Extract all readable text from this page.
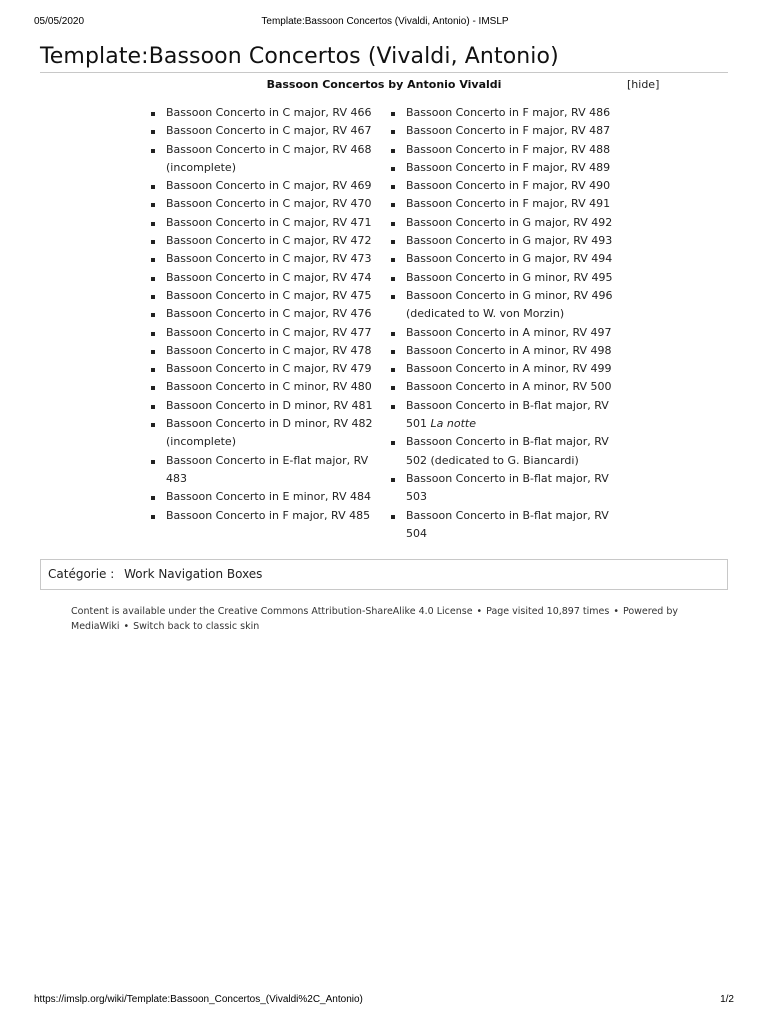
05/05/2020	Template:Bassoon Concertos (Vivaldi, Antonio) - IMSLP
Template:Bassoon Concertos (Vivaldi, Antonio)
Bassoon Concertos by Antonio Vivaldi	[hide]
Bassoon Concerto in C major, RV 466
Bassoon Concerto in C major, RV 467
Bassoon Concerto in C major, RV 468 (incomplete)
Bassoon Concerto in C major, RV 469
Bassoon Concerto in C major, RV 470
Bassoon Concerto in C major, RV 471
Bassoon Concerto in C major, RV 472
Bassoon Concerto in C major, RV 473
Bassoon Concerto in C major, RV 474
Bassoon Concerto in C major, RV 475
Bassoon Concerto in C major, RV 476
Bassoon Concerto in C major, RV 477
Bassoon Concerto in C major, RV 478
Bassoon Concerto in C major, RV 479
Bassoon Concerto in C minor, RV 480
Bassoon Concerto in D minor, RV 481
Bassoon Concerto in D minor, RV 482 (incomplete)
Bassoon Concerto in E-flat major, RV 483
Bassoon Concerto in E minor, RV 484
Bassoon Concerto in F major, RV 485
Bassoon Concerto in F major, RV 486
Bassoon Concerto in F major, RV 487
Bassoon Concerto in F major, RV 488
Bassoon Concerto in F major, RV 489
Bassoon Concerto in F major, RV 490
Bassoon Concerto in F major, RV 491
Bassoon Concerto in G major, RV 492
Bassoon Concerto in G major, RV 493
Bassoon Concerto in G major, RV 494
Bassoon Concerto in G minor, RV 495
Bassoon Concerto in G minor, RV 496 (dedicated to W. von Morzin)
Bassoon Concerto in A minor, RV 497
Bassoon Concerto in A minor, RV 498
Bassoon Concerto in A minor, RV 499
Bassoon Concerto in A minor, RV 500
Bassoon Concerto in B-flat major, RV 501 La notte
Bassoon Concerto in B-flat major, RV 502 (dedicated to G. Biancardi)
Bassoon Concerto in B-flat major, RV 503
Bassoon Concerto in B-flat major, RV 504
Catégorie : Work Navigation Boxes
Content is available under the Creative Commons Attribution-ShareAlike 4.0 License • Page visited 10,897 times • Powered by MediaWiki • Switch back to classic skin
https://imslp.org/wiki/Template:Bassoon_Concertos_(Vivaldi%2C_Antonio)	1/2
